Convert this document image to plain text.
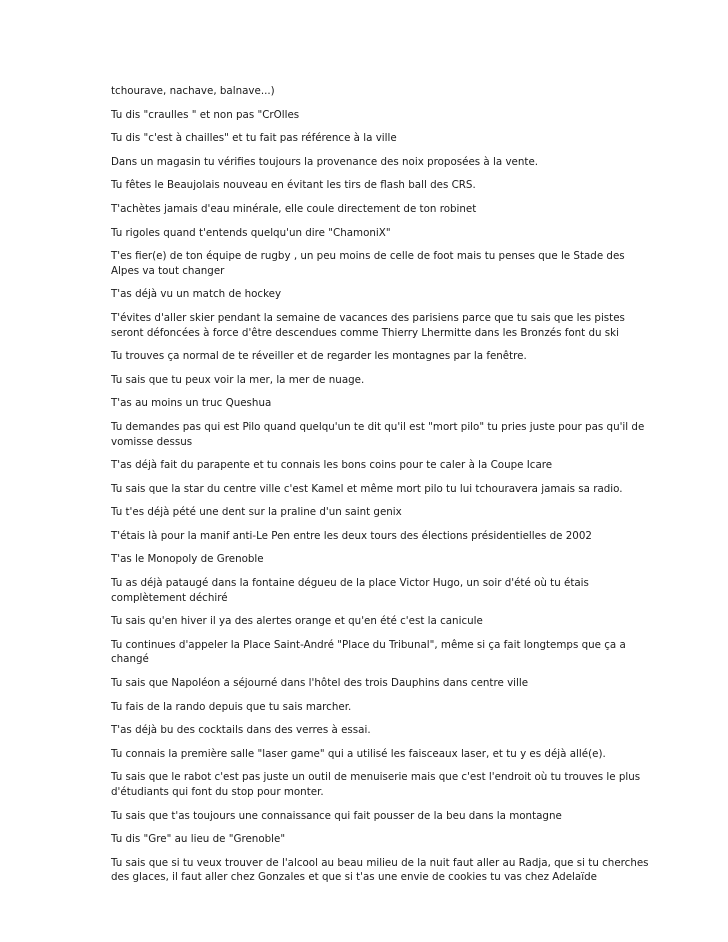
tchourave, nachave, balnave...)

Tu dis "craulles " et non pas "CrOlles

Tu dis "c'est à chailles" et tu fait pas référence à la ville

Dans un magasin tu vérifies toujours la provenance des noix proposées à la vente.

Tu fêtes le Beaujolais nouveau en évitant les tirs de flash ball des CRS.

T'achètes jamais d'eau minérale, elle coule directement de ton robinet

Tu rigoles quand t'entends quelqu'un dire "ChamoniX"

T'es fier(e) de ton équipe de rugby , un peu moins de celle de foot mais tu penses que le Stade des Alpes va tout changer

T'as déjà vu un match de hockey

T'évites d'aller skier pendant la semaine de vacances des parisiens parce que tu sais que les pistes seront défoncées à force d'être descendues comme Thierry Lhermitte dans les Bronzés font du ski

Tu trouves ça normal de te réveiller et de regarder les montagnes par la fenêtre.

Tu sais que tu peux voir la mer, la mer de nuage.

T'as au moins un truc Queshua

Tu demandes pas qui est Pilo quand quelqu'un te dit qu'il est "mort pilo" tu pries juste pour pas qu'il de vomisse dessus

T'as déjà fait du parapente et tu connais les bons coins pour te caler à la Coupe Icare

Tu sais que la star du centre ville c'est Kamel et même mort pilo tu lui tchouravera jamais sa radio.

Tu t'es déjà pété une dent sur la praline d'un saint genix

T'étais là pour la manif anti-Le Pen entre les deux tours des élections présidentielles de 2002

T'as le Monopoly de Grenoble

Tu as déjà pataugé dans la fontaine dégueu de la place Victor Hugo, un soir d'été où tu étais complètement déchiré

Tu sais qu'en hiver il ya des alertes orange et qu'en été c'est la canicule

Tu continues d'appeler la Place Saint-André "Place du Tribunal", même si ça fait longtemps que ça a changé

Tu sais que Napoléon a séjourné dans l'hôtel des trois Dauphins dans centre ville

Tu fais de la rando depuis que tu sais marcher.

T'as déjà bu des cocktails dans des verres à essai.

Tu connais la première salle "laser game" qui a utilisé les faisceaux laser, et tu y es déjà allé(e).

Tu sais que le rabot c'est pas juste un outil de menuiserie mais que c'est l'endroit où tu trouves le plus d'étudiants qui font du stop pour monter.

Tu sais que t'as toujours une connaissance qui fait pousser de la beu dans la montagne

Tu dis "Gre" au lieu de "Grenoble"

Tu sais que si tu veux trouver de l'alcool au beau milieu de la nuit faut aller au Radja, que si tu cherches des glaces, il faut aller chez Gonzales et que si t'as une envie de cookies tu vas chez Adelaïde
